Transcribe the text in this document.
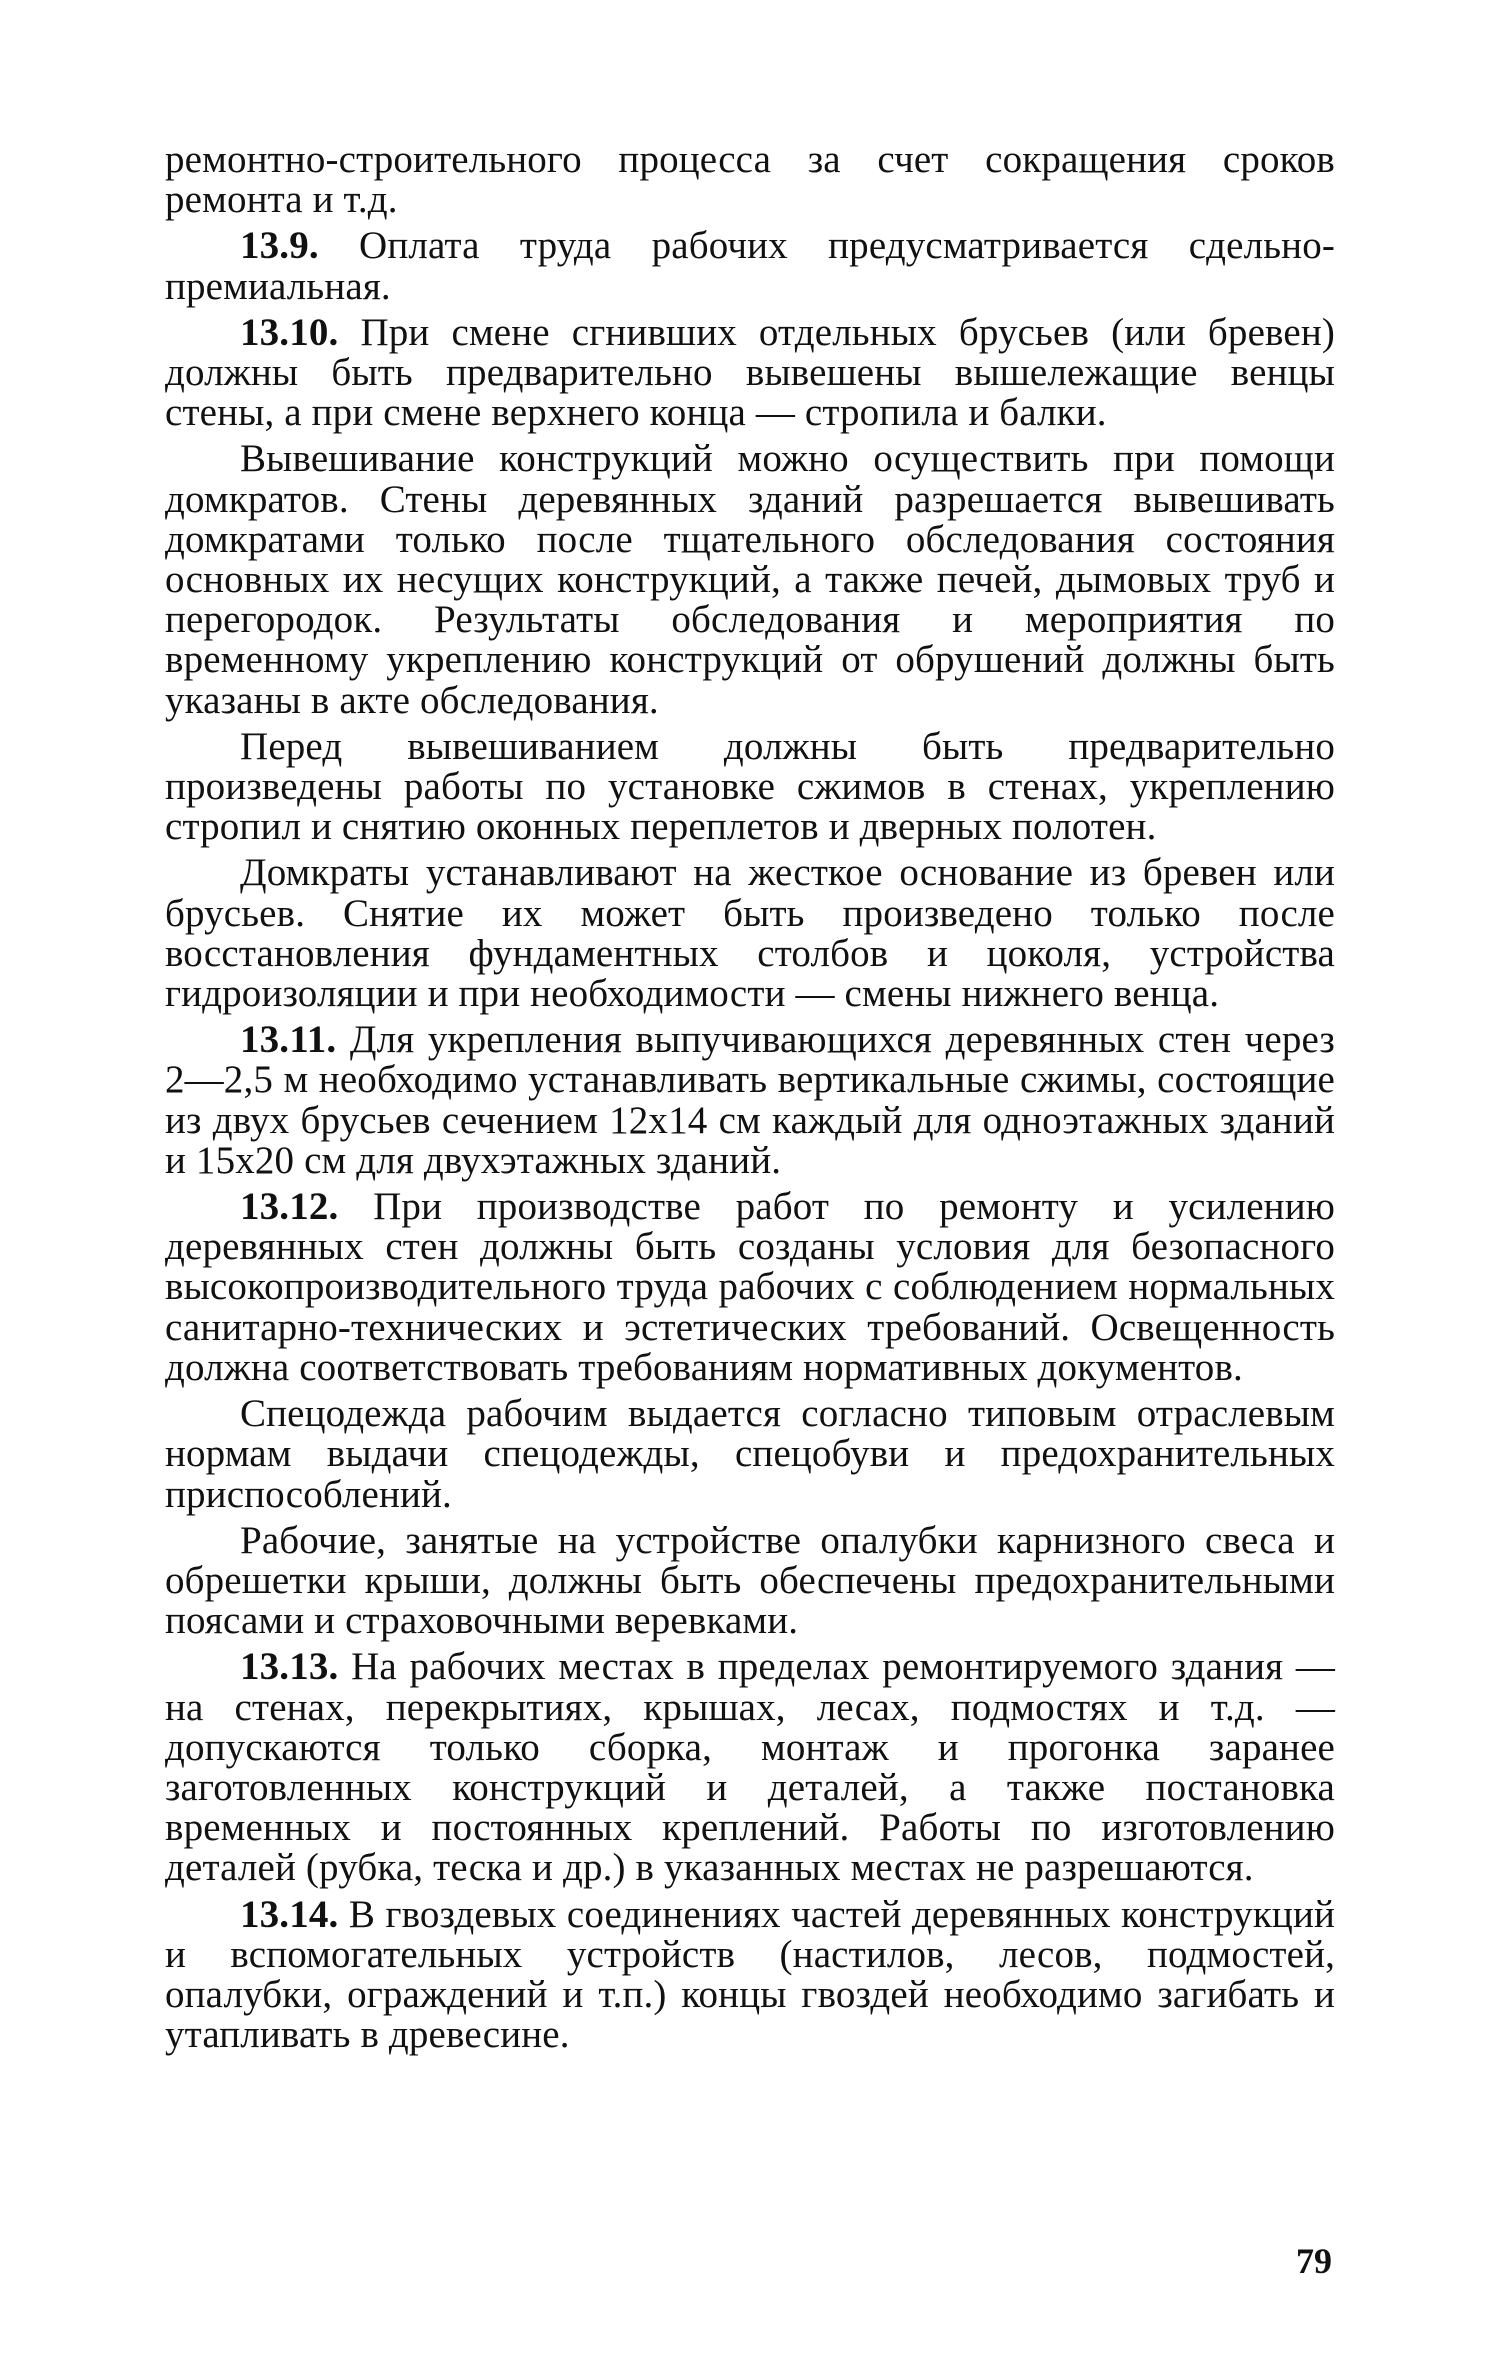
ремонтно-строительного процесса за счет сокращения сроков ремонта и т.д.

13.9. Оплата труда рабочих предусматривается сдельно-премиальная.

13.10. При смене сгнивших отдельных брусьев (или бревен) должны быть предварительно вывешены вышележащие венцы стены, а при смене верхнего конца — стропила и балки.

Вывешивание конструкций можно осуществить при помощи домкратов. Стены деревянных зданий разрешается вывешивать домкратами только после тщательного обследования состояния основных их несущих конструкций, а также печей, дымовых труб и перегородок. Результаты обследования и мероприятия по временному укреплению конструкций от обрушений должны быть указаны в акте обследования.

Перед вывешиванием должны быть предварительно произведены работы по установке сжимов в стенах, укреплению стропил и снятию оконных переплетов и дверных полотен.

Домкраты устанавливают на жесткое основание из бревен или брусьев. Снятие их может быть произведено только после восстановления фундаментных столбов и цоколя, устройства гидроизоляции и при необходимости — смены нижнего венца.

13.11. Для укрепления выпучивающихся деревянных стен через 2—2,5 м необходимо устанавливать вертикальные сжимы, состоящие из двух брусьев сечением 12x14 см каждый для одноэтажных зданий и 15x20 см для двухэтажных зданий.

13.12. При производстве работ по ремонту и усилению деревянных стен должны быть созданы условия для безопасного высокопроизводительного труда рабочих с соблюдением нормальных санитарно-технических и эстетических требований. Освещенность должна соответствовать требованиям нормативных документов.

Спецодежда рабочим выдается согласно типовым отраслевым нормам выдачи спецодежды, спецобуви и предохранительных приспособлений.

Рабочие, занятые на устройстве опалубки карнизного свеса и обрешетки крыши, должны быть обеспечены предохранительными поясами и страховочными веревками.

13.13. На рабочих местах в пределах ремонтируемого здания — на стенах, перекрытиях, крышах, лесах, подмостях и т.д. — допускаются только сборка, монтаж и прогонка заранее заготовленных конструкций и деталей, а также постановка временных и постоянных креплений. Работы по изготовлению деталей (рубка, теска и др.) в указанных местах не разрешаются.

13.14. В гвоздевых соединениях частей деревянных конструкций и вспомогательных устройств (настилов, лесов, подмостей, опалубки, ограждений и т.п.) концы гвоздей необходимо загибать и утапливать в древесине.

79
